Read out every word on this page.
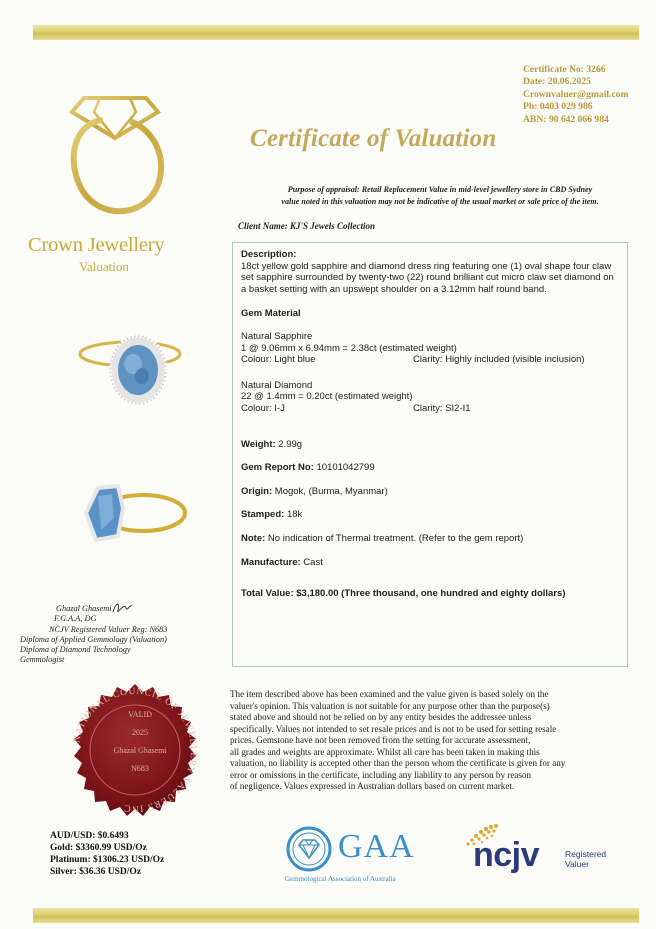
Crown Jewellery
Valuation
Certificate No: 3266
Date: 20.06.2025
Crownvaluer@gmail.com
Ph: 0403 029 986
ABN: 90 642 066 984
Certificate of Valuation
Purpose of appraisal: Retail Replacement Value in mid-level jewellery store in CBD Sydney
value noted in this valuation may not be indicative of the usual market or sale price of the item.
Client Name: KJ'S Jewels Collection

Description:

18ct yellow gold sapphire and diamond dress ring featuring one (1) oval shape four claw set sapphire surrounded by twenty-two (22) round brilliant cut micro claw set diamond on a basket setting with an upswept shoulder on a 3.12mm half round band.

Gem Material

Natural Sapphire

1 @ 9.06mm x 6.94mm = 2.38ct (estimated weight)

Colour: Light blue	Clarity: Highly included (visible inclusion)

Natural Diamond

22 @ 1.4mm = 0.20ct (estimated weight)

Colour: I-J	Clarity: SI2-I1

Weight: 2.99g

Gem Report No: 10101042799

Origin: Mogok, (Burma, Myanmar)

Stamped: 18k

Note: No indication of Thermal treatment. (Refer to the gem report)

Manufacture: Cast

Total Value: $3,180.00 (Three thousand, one hundred and eighty dollars)

Ghazal Ghasemi
F.G.A.A, DG
NCJV Registered Valuer Reg: N683
Diploma of Applied Gemmology (Valuation)
Diploma of Diamond Technology
Gemmologist
NATIONAL COUNCIL OF JEWELLERY VALUERS INC
VALID
2025
Ghazal Ghasemi
N683
The item described above has been examined and the value given is based solely on the
valuer's opinion. This valuation is not suitable for any purpose other than the purpose(s)
stated above and should not be relied on by any entity besides the addressee unless
specifically. Values not intended to set resale prices and is not to be used for setting resale
prices. Gemstone have not been removed from the setting for accurate assessment,
all grades and weights are approximate. Whilst all care has been taken in making this
valuation, no liability is accepted other than the person whom the certificate is given for any
error or omissions in the certificate, including any liability to any person by reason
of negligence. Values expressed in Australian dollars based on current market.
AUD/USD: $0.6493
Gold: $3360.99 USD/Oz
Platinum: $1306.23 USD/Oz
Silver: $36.36 USD/Oz
GAA
Gemmological Association of Australia
ncjv	Registered
Valuer
